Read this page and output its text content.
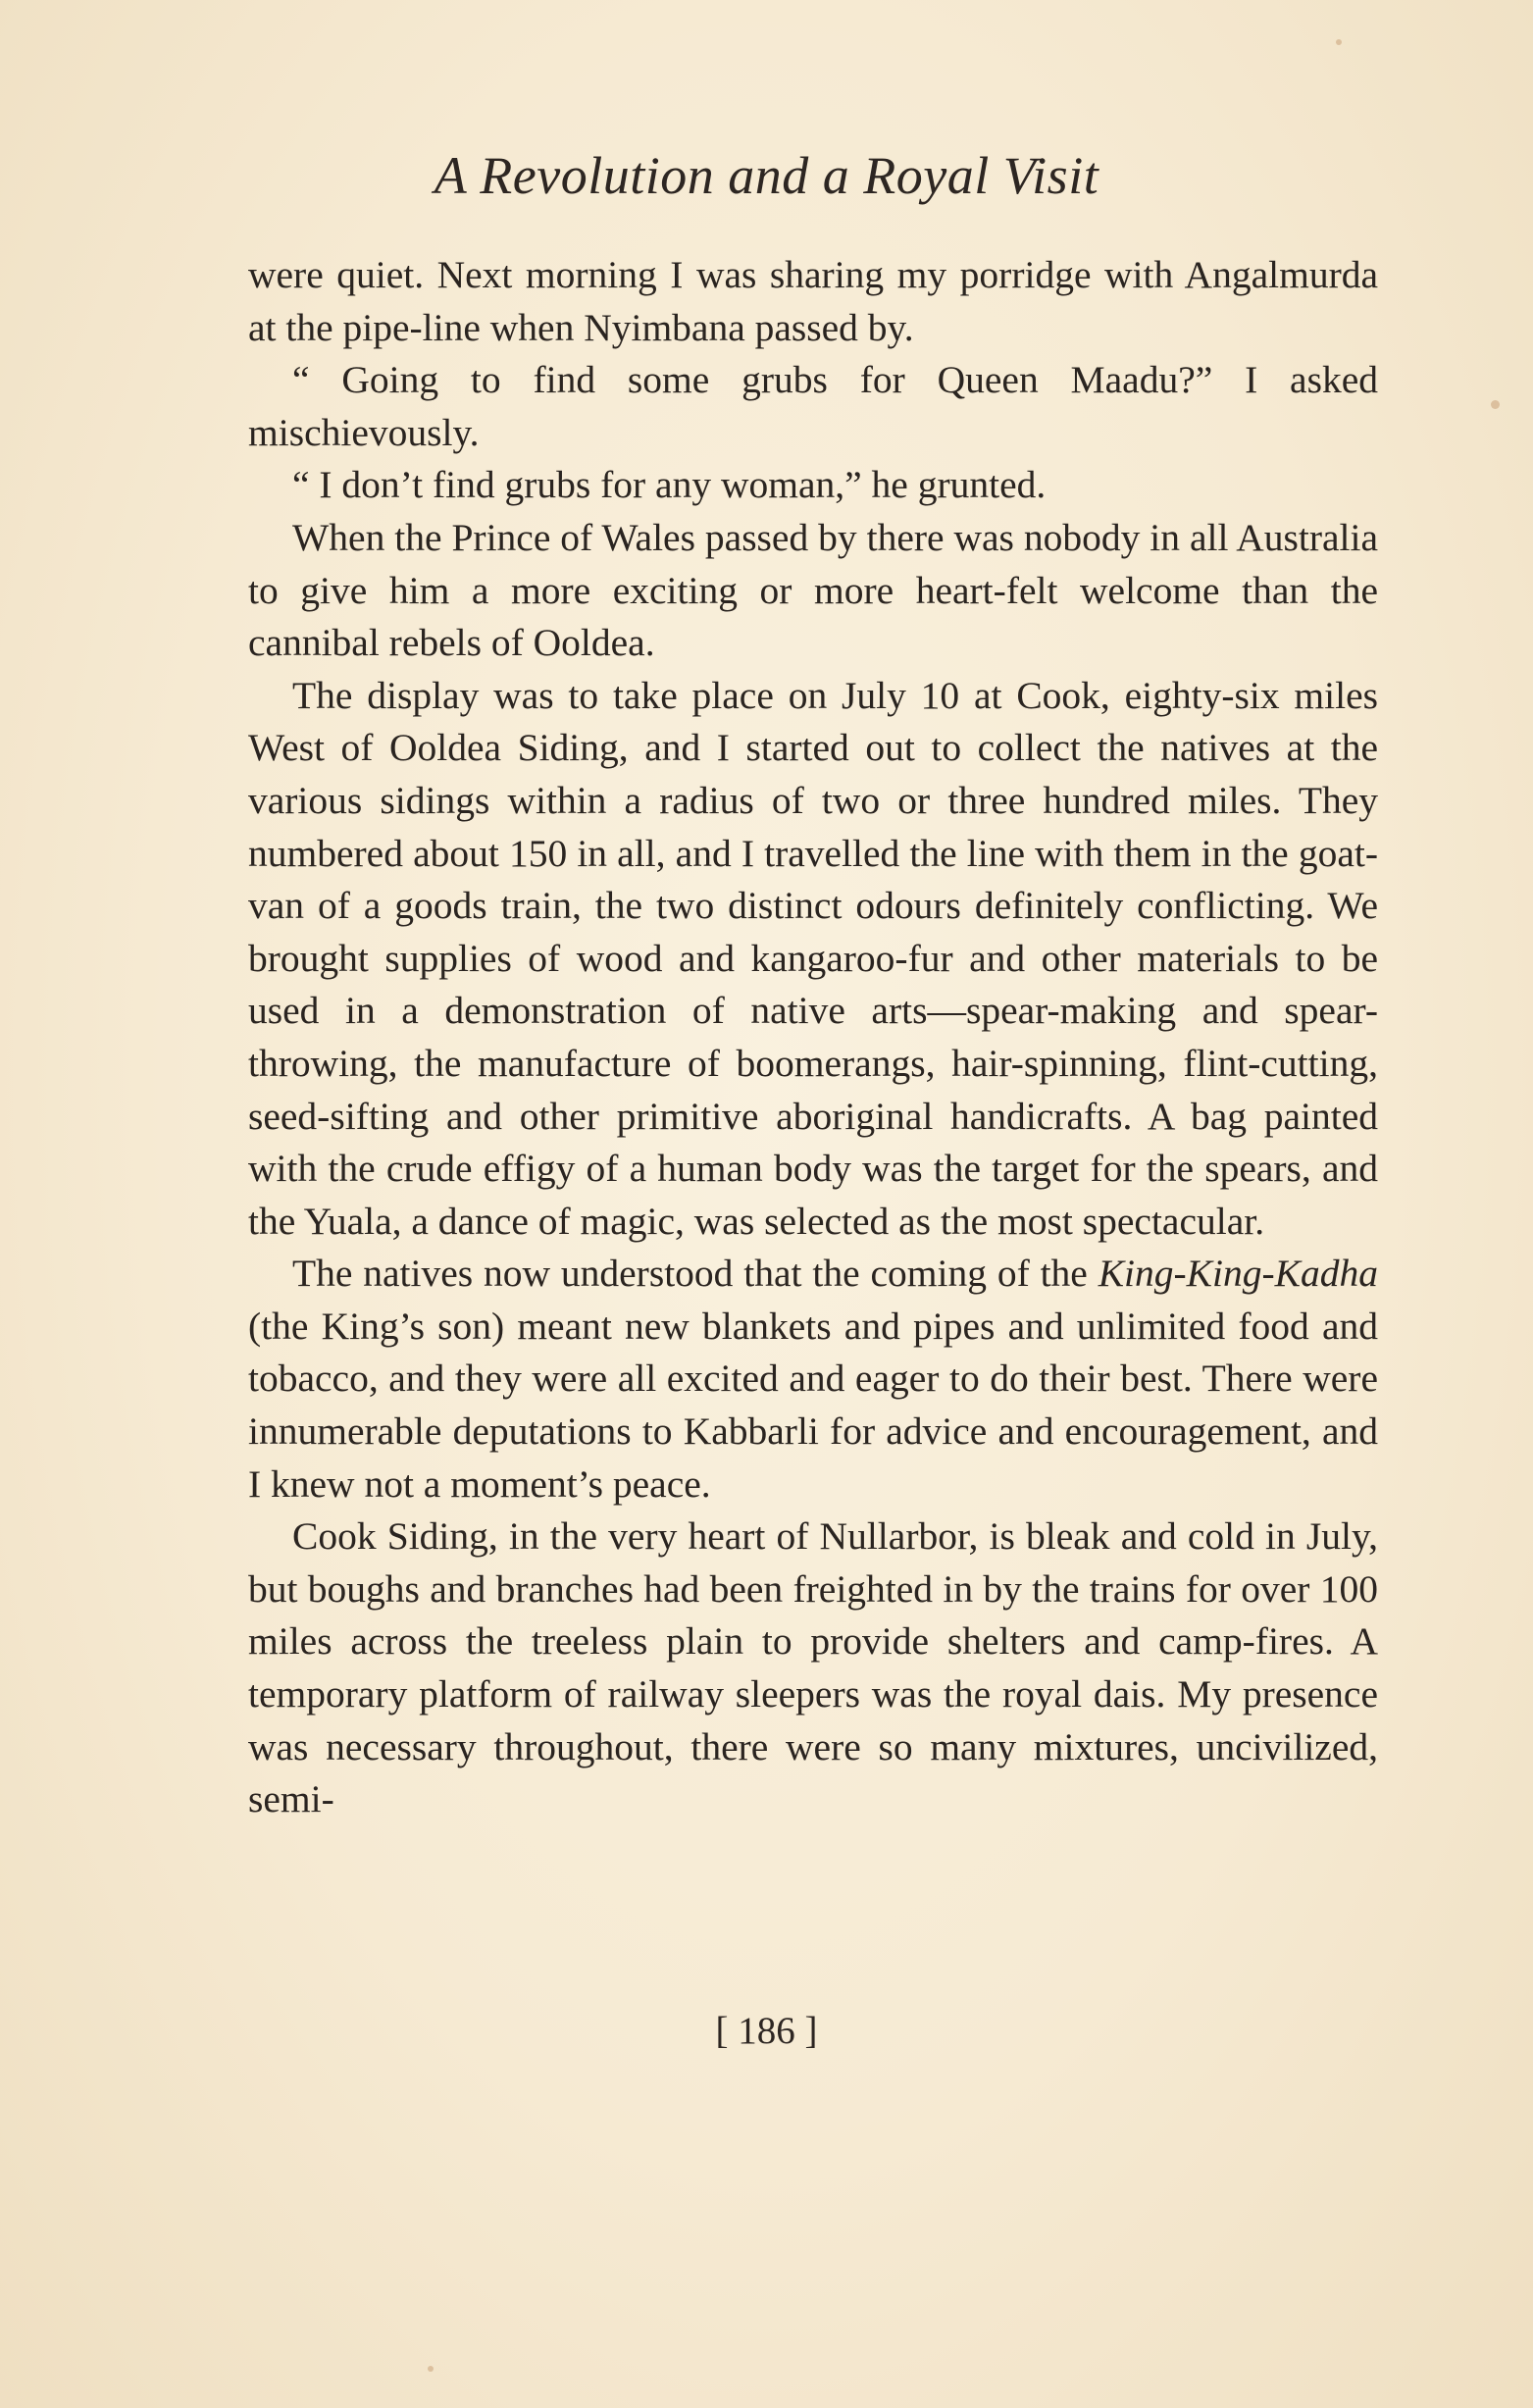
A Revolution and a Royal Visit

were quiet. Next morning I was sharing my porridge with Angalmurda at the pipe-line when Nyimbana passed by.

“ Going to find some grubs for Queen Maadu?” I asked mischievously.

“ I don’t find grubs for any woman,” he grunted.

When the Prince of Wales passed by there was nobody in all Australia to give him a more exciting or more heart-felt welcome than the cannibal rebels of Ooldea.

The display was to take place on July 10 at Cook, eighty-six miles West of Ooldea Siding, and I started out to collect the natives at the various sidings within a radius of two or three hundred miles. They numbered about 150 in all, and I travelled the line with them in the goat-van of a goods train, the two distinct odours definitely conflicting. We brought supplies of wood and kangaroo-fur and other materials to be used in a demonstration of native arts—spear-making and spear-throwing, the manufacture of boomerangs, hair-spinning, flint-cutting, seed-sifting and other primitive aboriginal handicrafts. A bag painted with the crude effigy of a human body was the target for the spears, and the Yuala, a dance of magic, was selected as the most spectacular.

The natives now understood that the coming of the King-King-Kadha (the King’s son) meant new blankets and pipes and unlimited food and tobacco, and they were all excited and eager to do their best. There were innumerable deputations to Kabbarli for advice and encouragement, and I knew not a moment’s peace.

Cook Siding, in the very heart of Nullarbor, is bleak and cold in July, but boughs and branches had been freighted in by the trains for over 100 miles across the treeless plain to provide shelters and camp-fires. A temporary platform of railway sleepers was the royal dais. My presence was necessary throughout, there were so many mixtures, uncivilized, semi-

[ 186 ]
